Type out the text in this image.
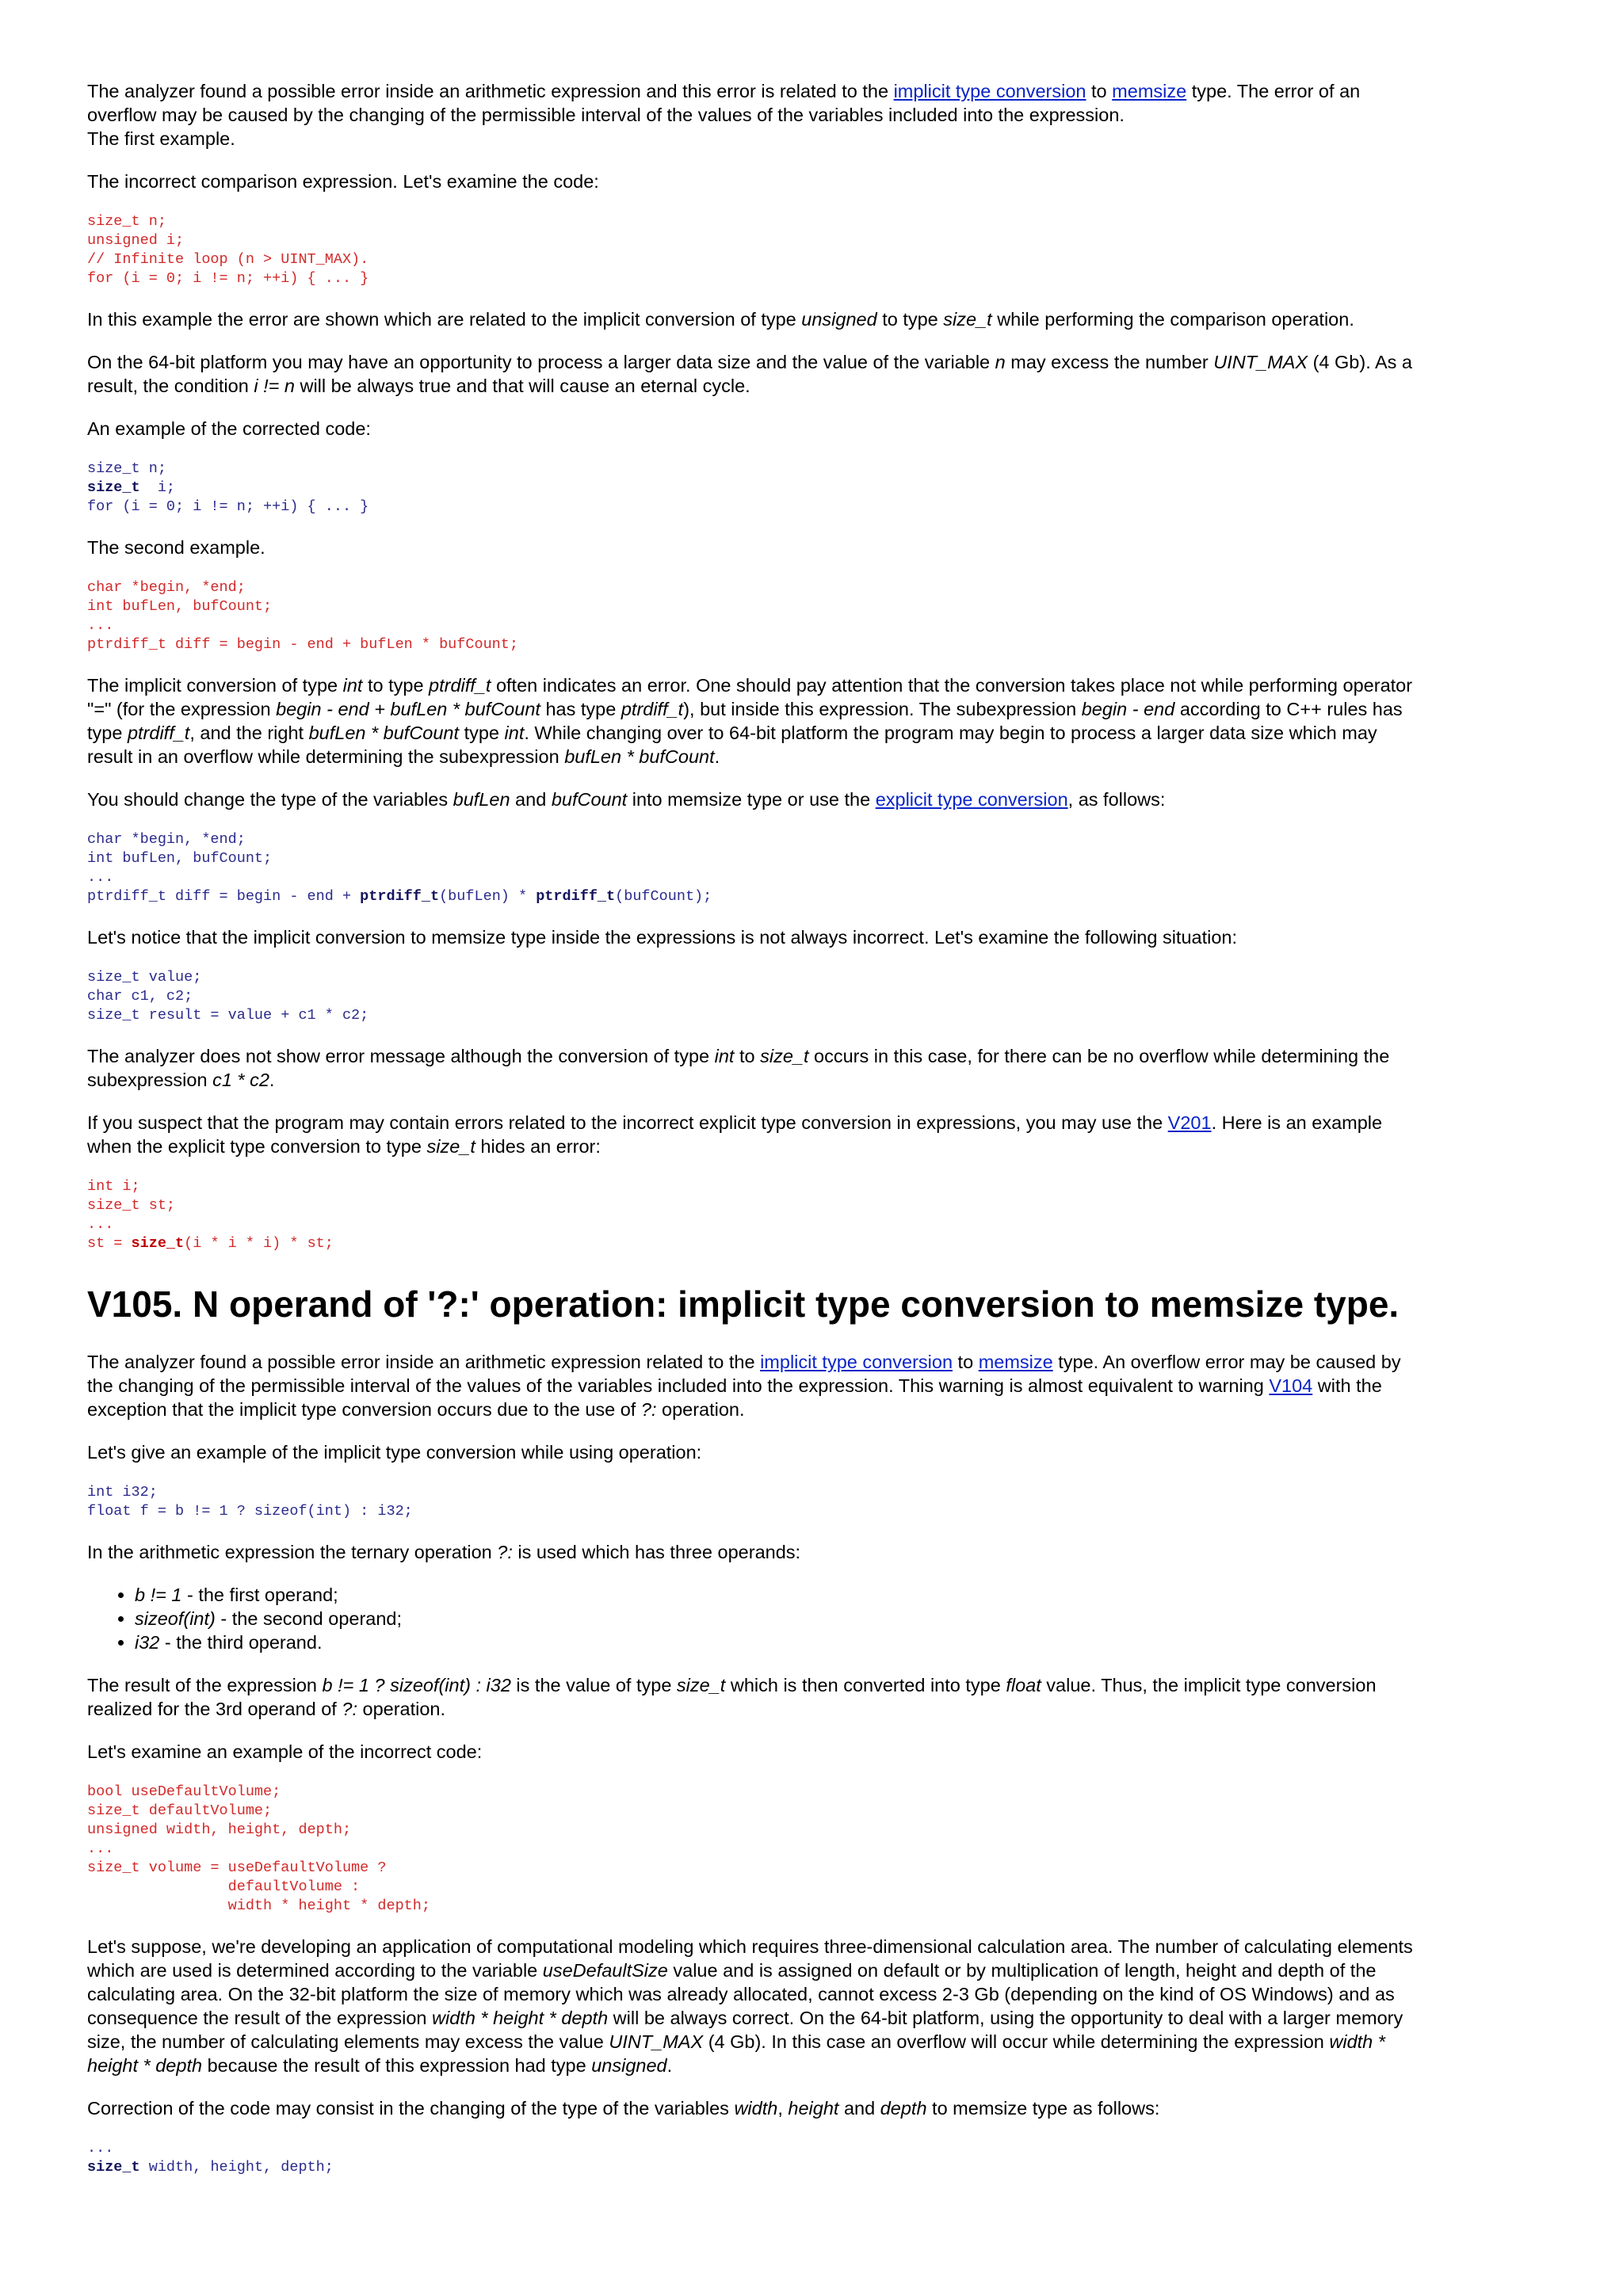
The analyzer found a possible error inside an arithmetic expression and this error is related to the implicit type conversion to memsize type. The error of an overflow may be caused by the changing of the permissible interval of the values of the variables included into the expression.
The first example.

The incorrect comparison expression. Let's examine the code:

size_t n;
unsigned i;
// Infinite loop (n > UINT_MAX).
for (i = 0; i != n; ++i) { ... }

In this example the error are shown which are related to the implicit conversion of type unsigned to type size_t while performing the comparison operation.

On the 64-bit platform you may have an opportunity to process a larger data size and the value of the variable n may excess the number UINT_MAX (4 Gb). As a result, the condition i != n will be always true and that will cause an eternal cycle.

An example of the corrected code:

size_t n;
size_t  i;
for (i = 0; i != n; ++i) { ... }

The second example.

char *begin, *end;
int bufLen, bufCount;
...
ptrdiff_t diff = begin - end + bufLen * bufCount;

The implicit conversion of type int to type ptrdiff_t often indicates an error. One should pay attention that the conversion takes place not while performing operator "=" (for the expression begin - end + bufLen * bufCount has type ptrdiff_t), but inside this expression. The subexpression begin - end according to C++ rules has type ptrdiff_t, and the right bufLen * bufCount type int. While changing over to 64-bit platform the program may begin to process a larger data size which may result in an overflow while determining the subexpression bufLen * bufCount.

You should change the type of the variables bufLen and bufCount into memsize type or use the explicit type conversion, as follows:

char *begin, *end;
int bufLen, bufCount;
...
ptrdiff_t diff = begin - end + ptrdiff_t(bufLen) * ptrdiff_t(bufCount);

Let's notice that the implicit conversion to memsize type inside the expressions is not always incorrect. Let's examine the following situation:

size_t value;
char c1, c2;
size_t result = value + c1 * c2;

The analyzer does not show error message although the conversion of type int to size_t occurs in this case, for there can be no overflow while determining the subexpression c1 * c2.

If you suspect that the program may contain errors related to the incorrect explicit type conversion in expressions, you may use the V201. Here is an example when the explicit type conversion to type size_t hides an error:

int i;
size_t st;
...
st = size_t(i * i * i) * st;
V105. N operand of '?:' operation: implicit type conversion to memsize type.

The analyzer found a possible error inside an arithmetic expression related to the implicit type conversion to memsize type. An overflow error may be caused by the changing of the permissible interval of the values of the variables included into the expression. This warning is almost equivalent to warning V104 with the exception that the implicit type conversion occurs due to the use of ?: operation.

Let's give an example of the implicit type conversion while using operation:

int i32;
float f = b != 1 ? sizeof(int) : i32;

In the arithmetic expression the ternary operation ?: is used which has three operands:

• b != 1 - the first operand;
• sizeof(int) - the second operand;
• i32 - the third operand.

The result of the expression b != 1 ? sizeof(int) : i32 is the value of type size_t which is then converted into type float value. Thus, the implicit type conversion realized for the 3rd operand of ?: operation.

Let's examine an example of the incorrect code:

bool useDefaultVolume;
size_t defaultVolume;
unsigned width, height, depth;
...
size_t volume = useDefaultVolume ?
defaultVolume :
width * height * depth;

Let's suppose, we're developing an application of computational modeling which requires three-dimensional calculation area. The number of calculating elements which are used is determined according to the variable useDefaultSize value and is assigned on default or by multiplication of length, height and depth of the calculating area. On the 32-bit platform the size of memory which was already allocated, cannot excess 2-3 Gb (depending on the kind of OS Windows) and as consequence the result of the expression width * height * depth will be always correct. On the 64-bit platform, using the opportunity to deal with a larger memory size, the number of calculating elements may excess the value UINT_MAX (4 Gb). In this case an overflow will occur while determining the expression width * height * depth because the result of this expression had type unsigned.

Correction of the code may consist in the changing of the type of the variables width, height and depth to memsize type as follows:

...
size_t width, height, depth;
